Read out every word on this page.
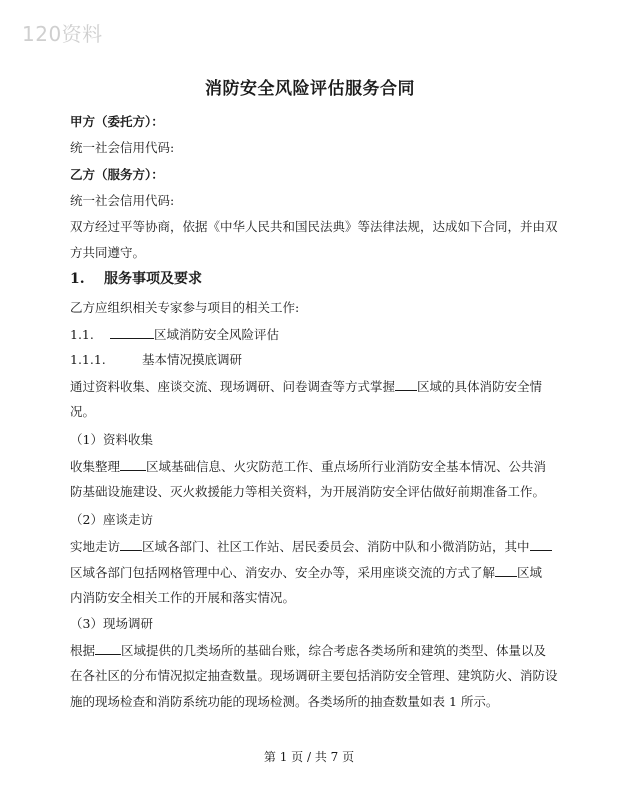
120资料
消防安全风险评估服务合同
甲方（委托方）：
统一社会信用代码:
乙方（服务方）：
统一社会信用代码:
双方经过平等协商，依据《中华人民共和国民法典》等法律法规，达成如下合同，并由双
方共同遵守。
1. 服务事项及要求
乙方应组织相关专家参与项目的相关工作:
1.1.	区域消防安全风险评估
1.1.1.	基本情况摸底调研
通过资料收集、座谈交流、现场调研、问卷调查等方式掌握 区域的具体消防安全情
况。
（1）资料收集
收集整理 区域基础信息、火灾防范工作、重点场所行业消防安全基本情况、公共消
防基础设施建设、灭火救援能力等相关资料，为开展消防安全评估做好前期准备工作。
（2）座谈走访
实地走访 区域各部门、社区工作站、居民委员会、消防中队和小微消防站，其中
区域各部门包括网格管理中心、消安办、安全办等，采用座谈交流的方式了解 区域
内消防安全相关工作的开展和落实情况。
（3）现场调研
根据 区域提供的几类场所的基础台账，综合考虑各类场所和建筑的类型、体量以及
在各社区的分布情况拟定抽查数量。现场调研主要包括消防安全管理、建筑防火、消防设
施的现场检查和消防系统功能的现场检测。各类场所的抽查数量如表 1 所示。
第 1 页 / 共 7 页
